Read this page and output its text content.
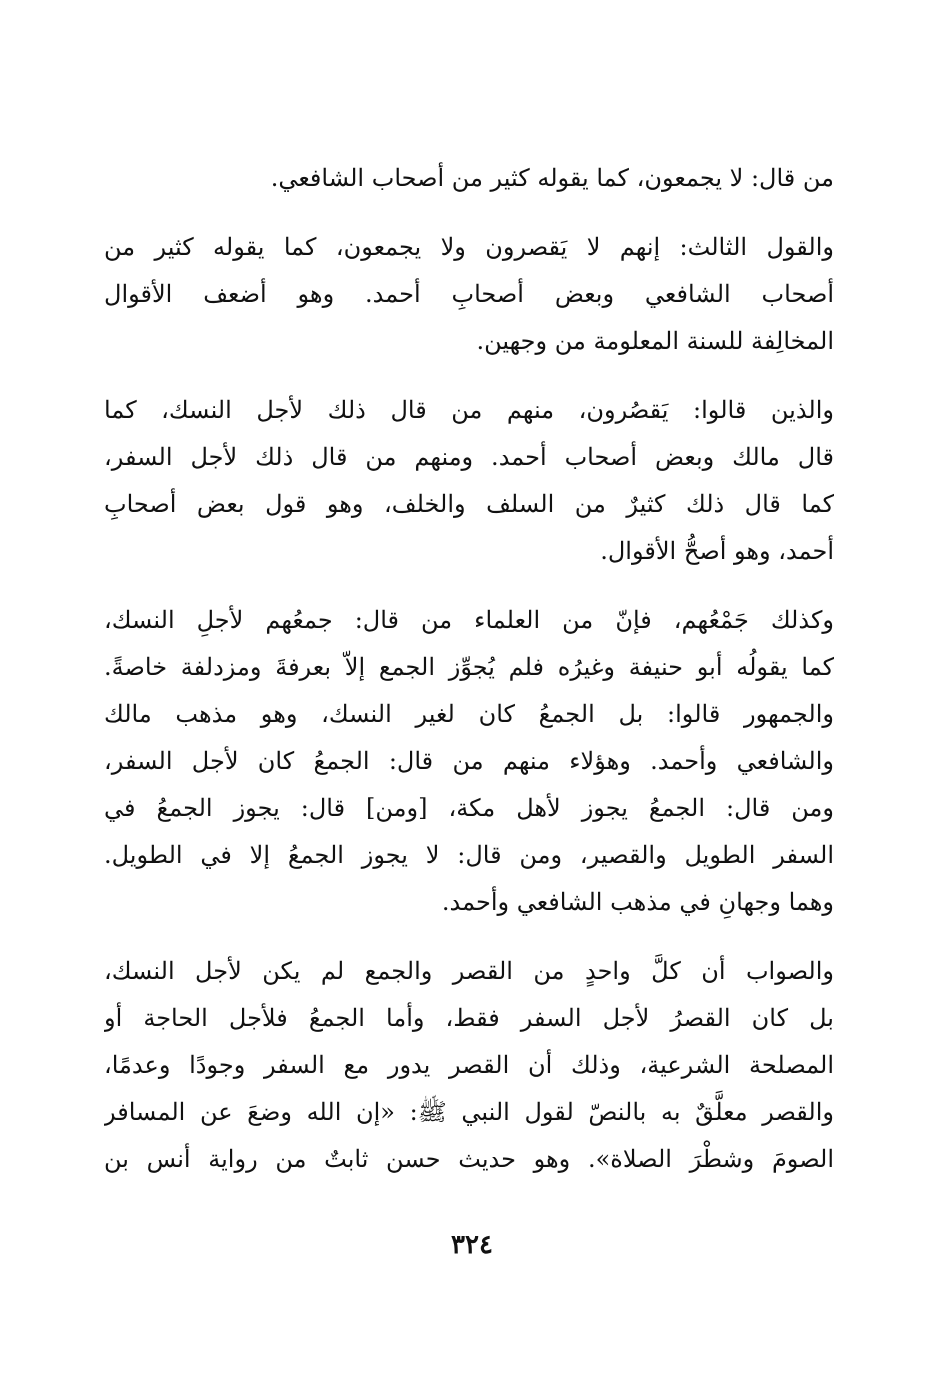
من قال: لا يجمعون، كما يقوله كثير من أصحاب الشافعي.
والقول الثالث: إنهم لا يَقصرون ولا يجمعون، كما يقوله كثير من
أصحاب الشافعي وبعض أصحابِ أحمد. وهو أضعف الأقوال
المخالِفة للسنة المعلومة من وجهين.
والذين قالوا: يَقصُرون، منهم من قال ذلك لأجل النسك، كما
قال مالك وبعض أصحاب أحمد. ومنهم من قال ذلك لأجل السفر،
كما قال ذلك كثيرٌ من السلف والخلف، وهو قول بعض أصحابِ
أحمد، وهو أصحُّ الأقوال.
وكذلك جَمْعُهم، فإنّ من العلماء من قال: جمعُهم لأجلِ النسك،
كما يقولُه أبو حنيفة وغيرُه فلم يُجوِّز الجمع إلاّ بعرفةَ ومزدلفة خاصةً.
والجمهور قالوا: بل الجمعُ كان لغير النسك، وهو مذهب مالك
والشافعي وأحمد. وهؤلاء منهم من قال: الجمعُ كان لأجل السفر،
ومن قال: الجمعُ يجوز لأهل مكة، [ومن] قال: يجوز الجمعُ في
السفر الطويل والقصير، ومن قال: لا يجوز الجمعُ إلا في الطويل.
وهما وجهانِ في مذهب الشافعي وأحمد.
والصواب أن كلَّ واحدٍ من القصر والجمع لم يكن لأجل النسك،
بل كان القصرُ لأجل السفر فقط، وأما الجمعُ فلأجل الحاجة أو
المصلحة الشرعية، وذلك أن القصر يدور مع السفر وجودًا وعدمًا،
والقصر معلَّقٌ به بالنصّ لقول النبي ﷺ: «إن الله وضعَ عن المسافر
الصومَ وشطْرَ الصلاة». وهو حديث حسن ثابتٌ من رواية أنس بن
٣٢٤
